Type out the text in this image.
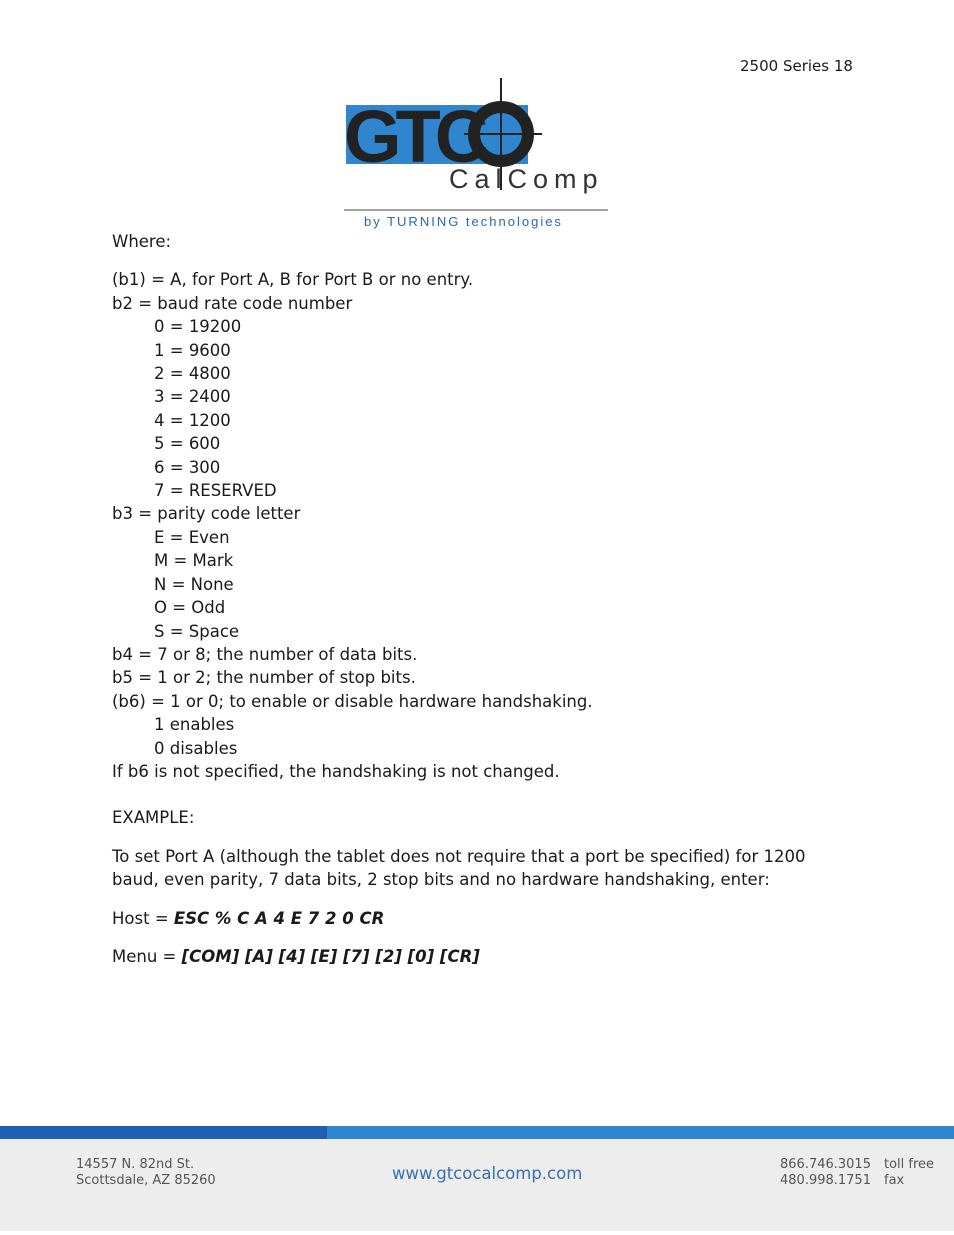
2500 Series 18
GTC
CalComp
by TURNING technologies

Where:

(b1) = A, for Port A, B for Port B or no entry.

b2 = baud rate code number

0 = 19200

1 = 9600

2 = 4800

3 = 2400

4 = 1200

5 = 600

6 = 300

7 = RESERVED

b3 = parity code letter

E = Even

M = Mark

N = None

O = Odd

S = Space

b4 = 7 or 8; the number of data bits.

b5 = 1 or 2; the number of stop bits.

(b6) = 1 or 0; to enable or disable hardware handshaking.

1 enables

0 disables

If b6 is not specified, the handshaking is not changed.

EXAMPLE:

To set Port A (although the tablet does not require that a port be specified) for 1200 baud, even parity, 7 data bits, 2 stop bits and no hardware handshaking, enter:

Host = ESC % C A 4 E 7 2 0 CR

Menu = [COM] [A] [4] [E] [7] [2] [0] [CR]

14557 N. 82nd St.
Scottsdale, AZ 85260	www.gtcocalcomp.com	866.746.3015
480.998.1751
toll free
fax
